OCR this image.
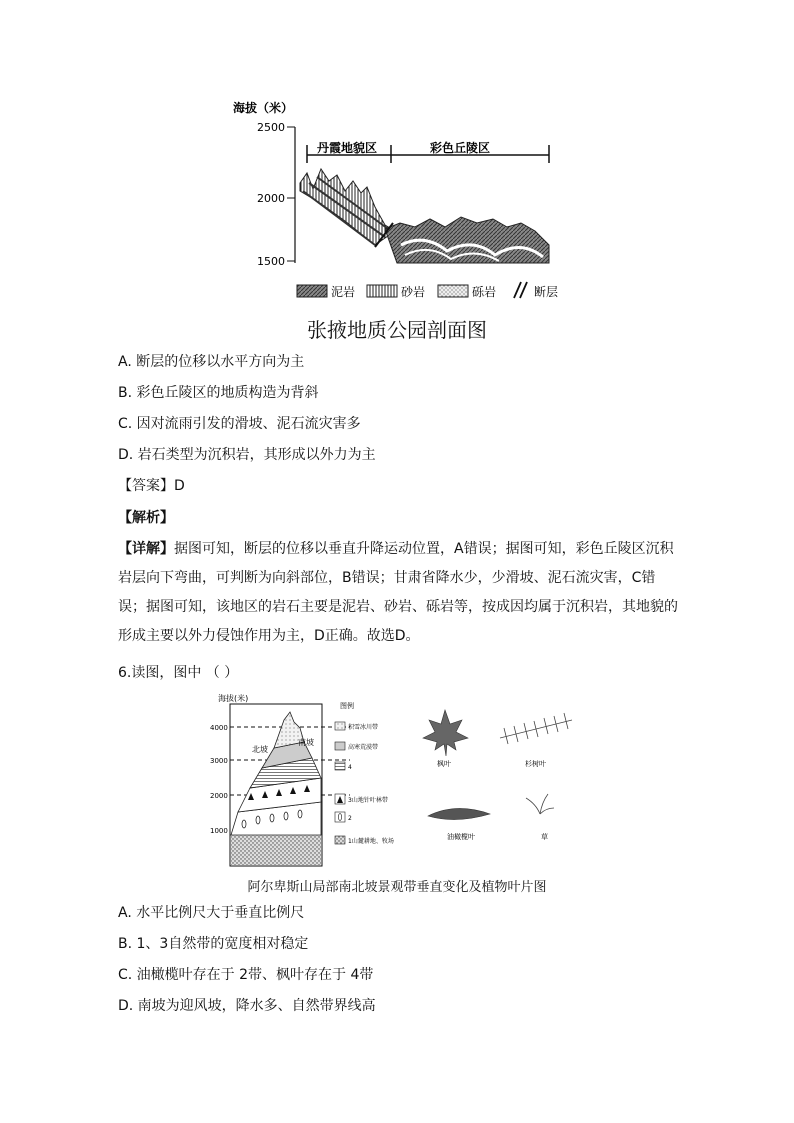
海拔（米）
2500
2000
1500
丹霞地貌区	彩色丘陵区
泥岩	砂岩	砾岩	断层
张掖地质公园剖面图
A. 断层的位移以水平方向为主
B. 彩色丘陵区的地质构造为背斜
C. 因对流雨引发的滑坡、泥石流灾害多
D. 岩石类型为沉积岩，其形成以外力为主
【答案】D
【解析】
【详解】据图可知，断层的位移以垂直升降运动位置，A错误；据图可知，彩色丘陵区沉积岩层向下弯曲，可判断为向斜部位，B错误；甘肃省降水少，少滑坡、泥石流灾害，C错误；据图可知，该地区的岩石主要是泥岩、砂岩、砾岩等，按成因均属于沉积岩，其地貌的形成主要以外力侵蚀作用为主，D正确。故选D。
6.读图，图中 （ ）
海拔(米)
4000
3000
2000
1000
北坡
南坡
图例
积雪冰川带
高寒荒漠带
4
3山地针叶林带
2
1山麓耕地、牧场
枫叶	杉树叶
油橄榄叶	草
阿尔卑斯山局部南北坡景观带垂直变化及植物叶片图
A. 水平比例尺大于垂直比例尺
B. 1、3自然带的宽度相对稳定
C. 油橄榄叶存在于 2带、枫叶存在于 4带
D. 南坡为迎风坡，降水多、自然带界线高
